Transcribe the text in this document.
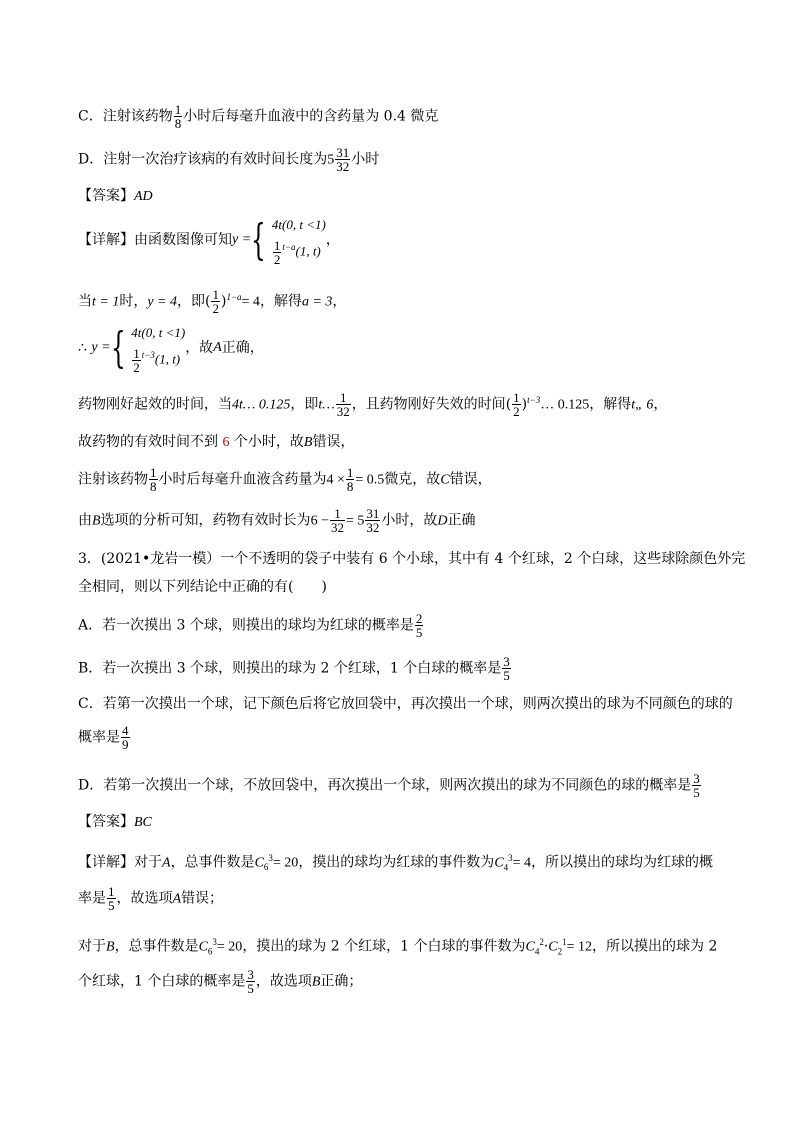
C．注射该药物 $\frac{1}{8}$ 小时后每毫升血液中的含药量为 0.4 微克
D．注射一次治疗该病的有效时间长度为$5 \frac{31}{32}$ 小时
【答案】AD
【详解】由函数图像可知y ={ 4t(0, t <1)
$\frac{1}{2} ^{t-a}(1$, t)
，
当t = 1时，y = 4，即( $\frac{1}{2} )^{1-a}= 4$，解得a = 3，
∴ y ={ 4t(0, t <1)
$\frac{1}{2} ^{t-3}(1$, t)
，故A正确，
药物刚好起效的时间，当4t… 0.125，即t… $\frac{1}{32}$ ，且药物刚好失效的时间( $\frac{1}{2}$ )$^{t-3}$… 0.125，解得t„ 6，
故药物的有效时间不到 6 个小时，故B错误，
注射该药物 $\frac{1}{8}$ 小时后每毫升血液含药量为$4 \times \frac{1}{8} = 0.5$微克，故C错误，
由B选项的分析可知，药物有效时长为$6 - \frac{1}{32} = 5 \frac{31}{32}$ 小时，故D正确
3．(2021•龙岩一模）一个不透明的袋子中装有 6 个小球，其中有 4 个红球，2 个白球，这些球除颜色外完
全相同，则以下列结论中正确的有(　　)
A．若一次摸出 3 个球，则摸出的球均为红球的概率是 $\frac{2}{5}$
B．若一次摸出 3 个球，则摸出的球为 2 个红球，1 个白球的概率是 $\frac{3}{5}$
C．若第一次摸出一个球，记下颜色后将它放回袋中，再次摸出一个球，则两次摸出的球为不同颜色的球的
概率是 $\frac{4}{9}$
D．若第一次摸出一个球，不放回袋中，再次摸出一个球，则两次摸出的球为不同颜色的球的概率是 $\frac{3}{5}$
【答案】BC
【详解】对于A，总事件数是$C_6^3= 20$，摸出的球均为红球的事件数为$C_4^3= 4$，所以摸出的球均为红球的概
率是 $\frac{1}{5}$ ，故选项A错误；
对于B，总事件数是$C_6^3= 20$，摸出的球为 2 个红球，1 个白球的事件数为$C_4^2\cdot C_2^1= 12$，所以摸出的球为 2
个红球，1 个白球的概率是 $\frac{3}{5}$ ，故选项B正确；
